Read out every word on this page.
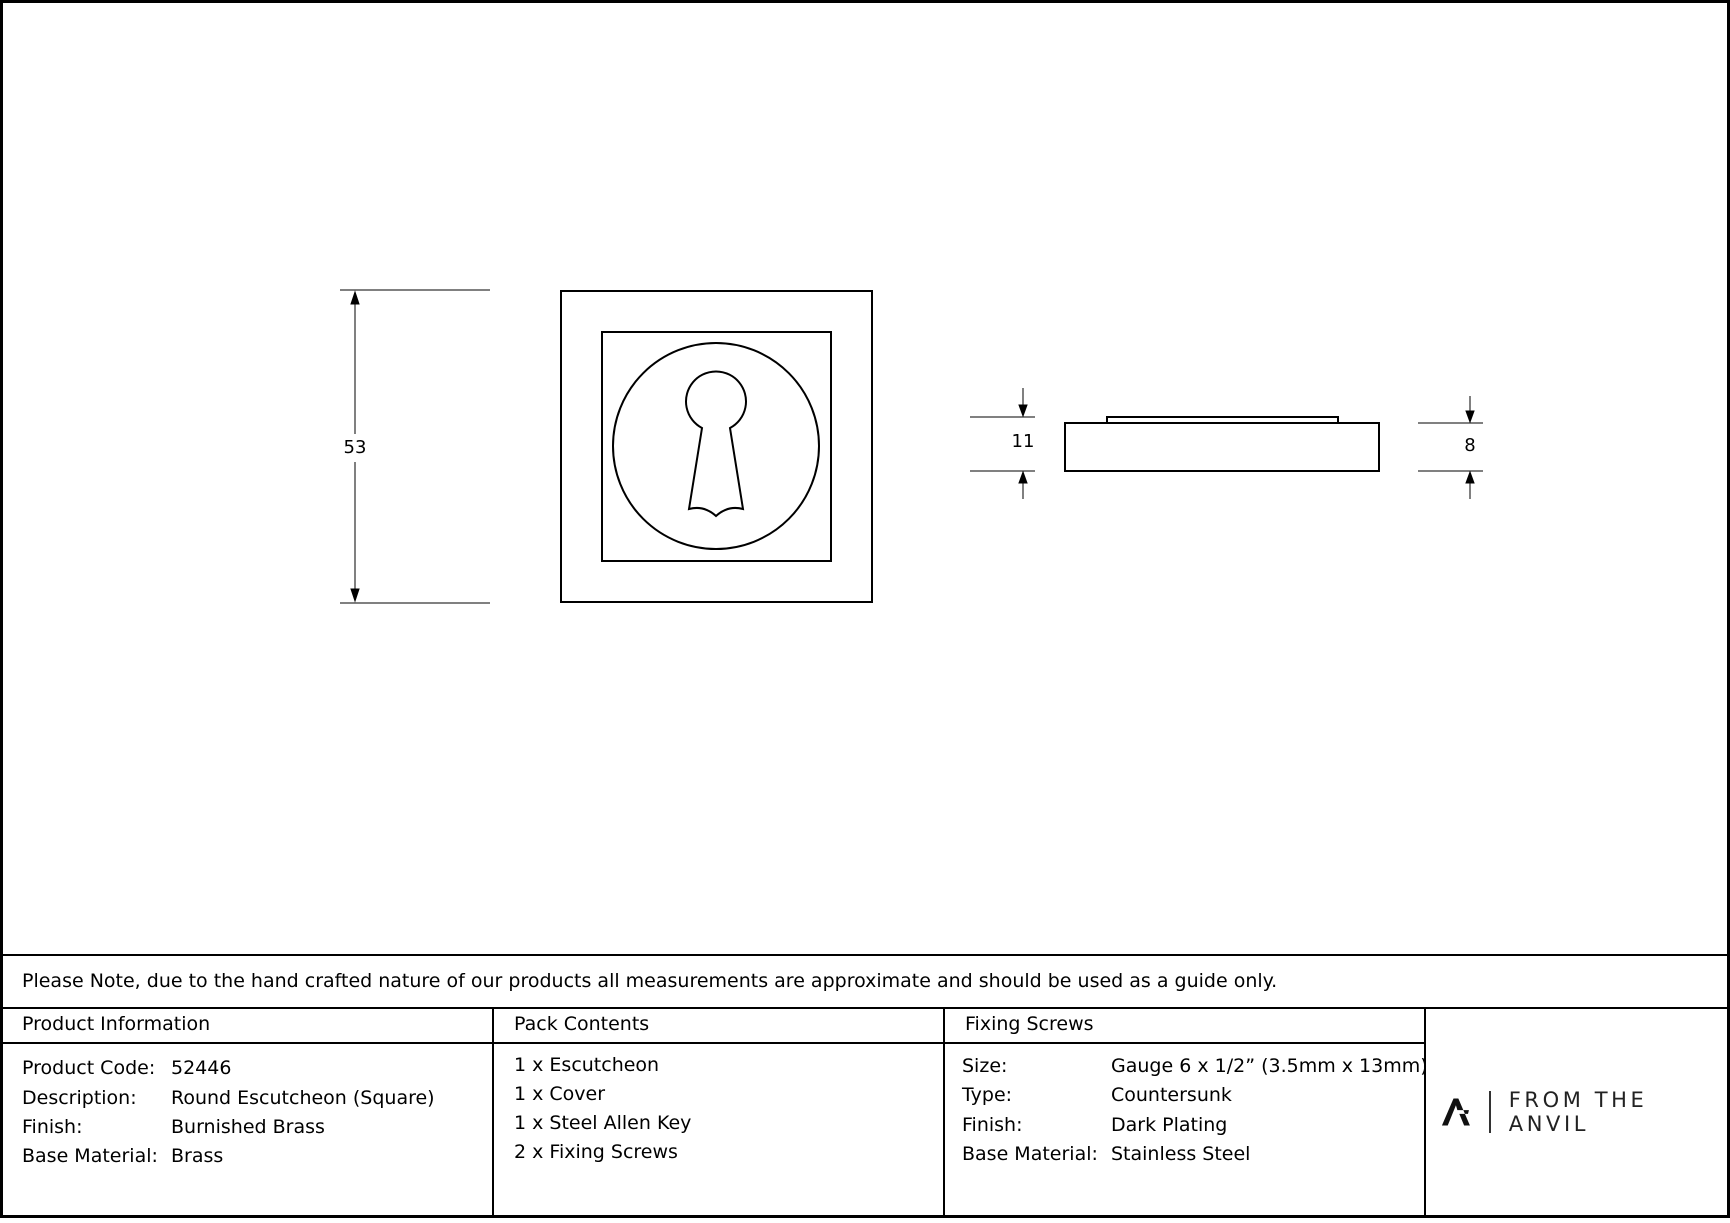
53	11	8
Please Note, due to the hand crafted nature of our products all measurements are approximate and should be used as a guide only.
Product Information
Product Code: 52446
Description: Round Escutcheon (Square)
Finish:	Burnished Brass
Base Material: Brass
Pack Contents
1 x Escutcheon
1 x Cover
1 x Steel Allen Key
2 x Fixing Screws
Fixing Screws
Size:	Gauge 6 x 1/2” (3.5mm x 13mm)
Type:	Countersunk
Finish:	Dark Plating
Base Material: Stainless Steel
FROM THE ANVIL
